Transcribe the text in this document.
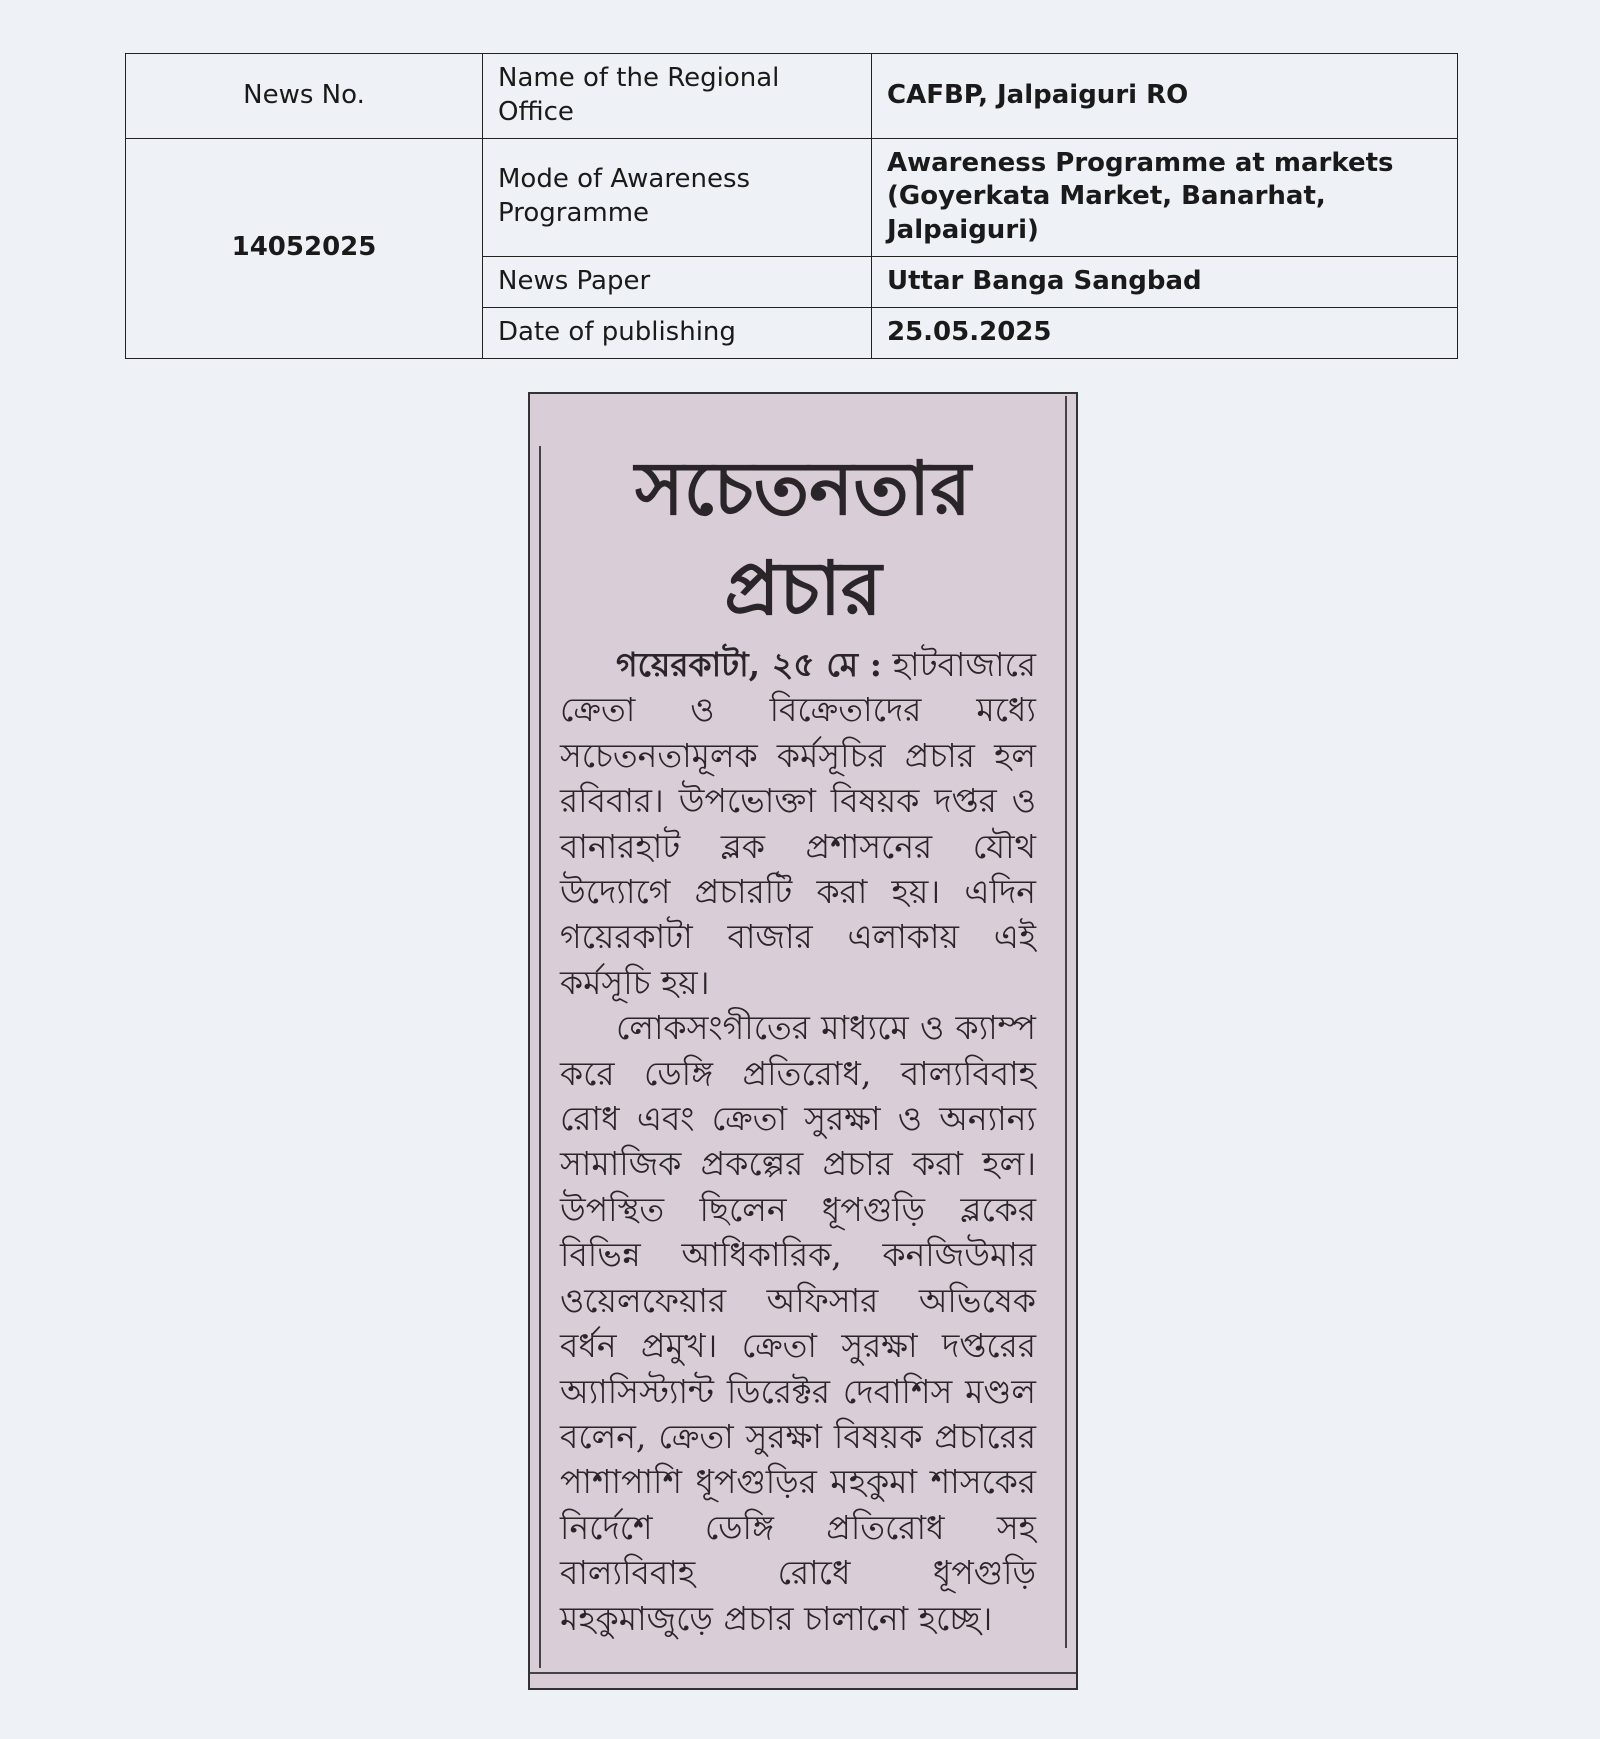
News No.	Name of the Regional Office	CAFBP, Jalpaiguri RO
14052025	Mode of Awareness Programme	Awareness Programme at markets (Goyerkata Market, Banarhat, Jalpaiguri)
	News Paper	Uttar Banga Sangbad
	Date of publishing	25.05.2025
সচেতনতার প্রচার

গয়েরকাটা, ২৫ মে : হাটবাজারে ক্রেতা ও বিক্রেতাদের মধ্যে সচেতনতামূলক কর্মসূচির প্রচার হল রবিবার। উপভোক্তা বিষয়ক দপ্তর ও বানারহাট ব্লক প্রশাসনের যৌথ উদ্যোগে প্রচারটি করা হয়। এদিন গয়েরকাটা বাজার এলাকায় এই কর্মসূচি হয়।

লোকসংগীতের মাধ্যমে ও ক্যাম্প করে ডেঙ্গি প্রতিরোধ, বাল্যবিবাহ রোধ এবং ক্রেতা সুরক্ষা ও অন্যান্য সামাজিক প্রকল্পের প্রচার করা হল। উপস্থিত ছিলেন ধূপগুড়ি ব্লকের বিভিন্ন আধিকারিক, কনজিউমার ওয়েলফেয়ার অফিসার অভিষেক বর্ধন প্রমুখ। ক্রেতা সুরক্ষা দপ্তরের অ্যাসিস্ট্যান্ট ডিরেক্টর দেবাশিস মণ্ডল বলেন, ক্রেতা সুরক্ষা বিষয়ক প্রচারের পাশাপাশি ধূপগুড়ির মহকুমা শাসকের নির্দেশে ডেঙ্গি প্রতিরোধ সহ বাল্যবিবাহ রোধে ধূপগুড়ি মহকুমাজুড়ে প্রচার চালানো হচ্ছে।
